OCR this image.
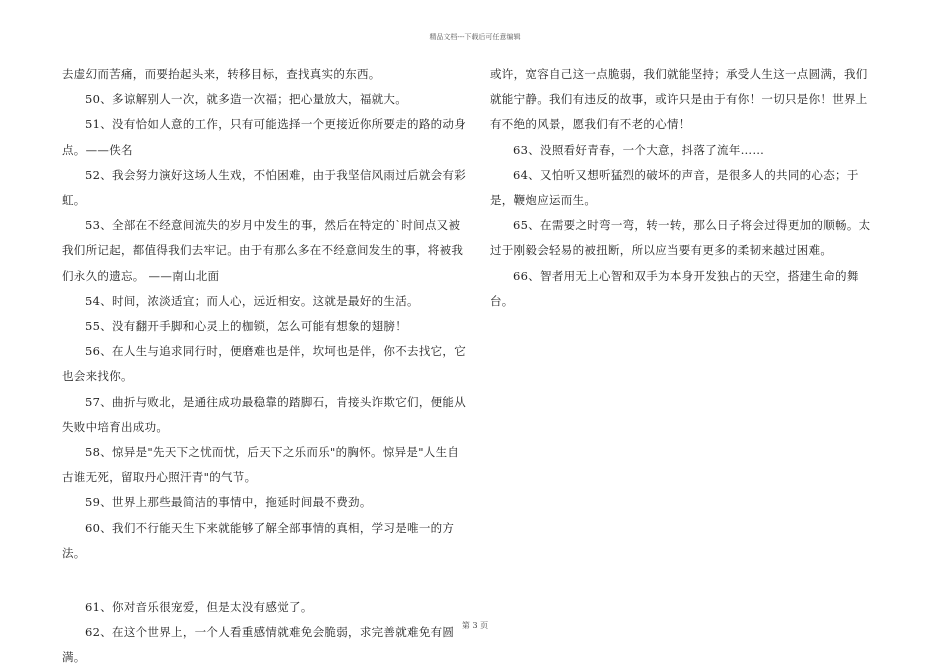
精品文档---下载后可任意编辑

去虚幻而苦痛，而要抬起头来，转移目标，查找真实的东西。

50、多谅解别人一次，就多造一次福；把心量放大，福就大。

51、没有恰如人意的工作，只有可能选择一个更接近你所要走的路的动身点。——佚名

52、我会努力演好这场人生戏，不怕困难，由于我坚信风雨过后就会有彩虹。

53、全部在不经意间流失的岁月中发生的事，然后在特定的`时间点又被我们所记起，都值得我们去牢记。由于有那么多在不经意间发生的事，将被我们永久的遗忘。 ——南山北面

54、时间，浓淡适宜；而人心，远近相安。这就是最好的生活。

55、没有翻开手脚和心灵上的枷锁，怎么可能有想象的翅膀！

56、在人生与追求同行时，便磨难也是伴，坎坷也是伴，你不去找它，它也会来找你。

57、曲折与败北，是通往成功最稳靠的踏脚石，肯接头诈欺它们，便能从失败中培育出成功。

58、惊异是"先天下之忧而忧，后天下之乐而乐"的胸怀。惊异是"人生自古谁无死，留取丹心照汗青"的气节。

59、世界上那些最简洁的事情中，拖延时间最不费劲。

60、我们不行能天生下来就能够了解全部事情的真相，学习是唯一的方法。

61、你对音乐很宠爱，但是太没有感觉了。

62、在这个世界上，一个人看重感情就难免会脆弱，求完善就难免有圆满。

或许，宽容自己这一点脆弱，我们就能坚持；承受人生这一点圆满，我们就能宁静。我们有违反的故事，或许只是由于有你！一切只是你！世界上有不绝的风景，愿我们有不老的心情！

63、没照看好青春，一个大意，抖落了流年……

64、又怕听又想听猛烈的破坏的声音，是很多人的共同的心态；于是，鞭炮应运而生。

65、在需要之时弯一弯，转一转，那么日子将会过得更加的顺畅。太过于刚毅会轻易的被扭断，所以应当要有更多的柔韧来越过困难。

66、智者用无上心智和双手为本身开发独占的天空，搭建生命的舞台。

第 3 页
